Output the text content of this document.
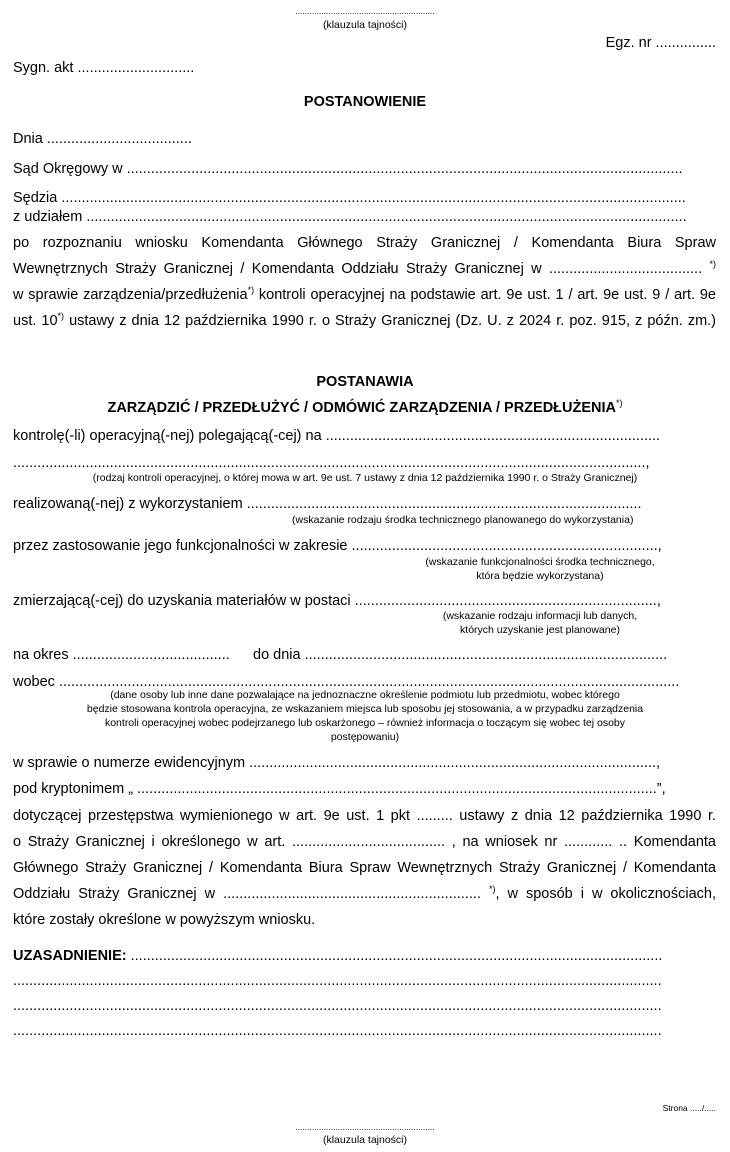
...........................................................
(klauzula tajności)
Egz. nr ...............
Sygn. akt .............................
POSTANOWIENIE
Dnia ....................................
Sąd Okręgowy w ..........................................................................................................................................
Sędzia ...........................................................................................................................................................
z udziałem .....................................................................................................................................................
po rozpoznaniu wniosku Komendanta Głównego Straży Granicznej / Komendanta Biura Spraw
Wewnętrznych Straży Granicznej / Komendanta Oddziału Straży Granicznej w ...................................... *)
w sprawie zarządzenia/przedłużenia*) kontroli operacyjnej na podstawie art. 9e ust. 1 / art. 9e ust. 9 / art. 9e
ust. 10*) ustawy z dnia 12 października 1990 r. o Straży Granicznej (Dz. U. z 2024 r. poz. 915, z późn. zm.)
POSTANAWIA
ZARZĄDZIĆ / PRZEDŁUŻYĆ / ODMÓWIĆ ZARZĄDZENIA / PRZEDŁUŻENIA*)
kontrolę(-li) operacyjną(-nej) polegającą(-cej) na ...................................................................................
.............................................................................................................................................................,
(rodzaj kontroli operacyjnej, o której mowa w art. 9e ust. 7 ustawy z dnia 12 października 1990 r. o Straży Granicznej)
realizowaną(-nej) z wykorzystaniem ..................................................................................................
(wskazanie rodzaju środka technicznego planowanego do wykorzystania)
przez zastosowanie jego funkcjonalności w zakresie ............................................................................,
(wskazanie funkcjonalności środka technicznego,
która będzie wykorzystana)
zmierzającą(-cej) do uzyskania materiałów w postaci ...........................................................................,
(wskazanie rodzaju informacji lub danych,
których uzyskanie jest planowane)
na okres ....................................... do dnia ..........................................................................................
wobec ..........................................................................................................................................................
(dane osoby lub inne dane pozwalające na jednoznaczne określenie podmiotu lub przedmiotu, wobec którego
będzie stosowana kontrola operacyjna, ze wskazaniem miejsca lub sposobu jej stosowania, a w przypadku zarządzenia
kontroli operacyjnej wobec podejrzanego lub oskarżonego – również informacja o toczącym się wobec tej osoby
postępowaniu)
w sprawie o numerze ewidencyjnym .....................................................................................................,
pod kryptonimem „ .................................................................................................................................”,
dotyczącej przestępstwa wymienionego w art. 9e ust. 1 pkt ......... ustawy z dnia 12 października 1990 r.
o Straży Granicznej i określonego w art. ...................................... , na wniosek nr ............ .. Komendanta
Głównego Straży Granicznej / Komendanta Biura Spraw Wewnętrznych Straży Granicznej / Komendanta
Oddziału Straży Granicznej w ................................................................ *), w sposób i w okolicznościach,
które zostały określone w powyższym wniosku.
UZASADNIENIE: ....................................................................................................................................
.................................................................................................................................................................
.................................................................................................................................................................
.................................................................................................................................................................
Strona ...../.....
...........................................................
(klauzula tajności)
